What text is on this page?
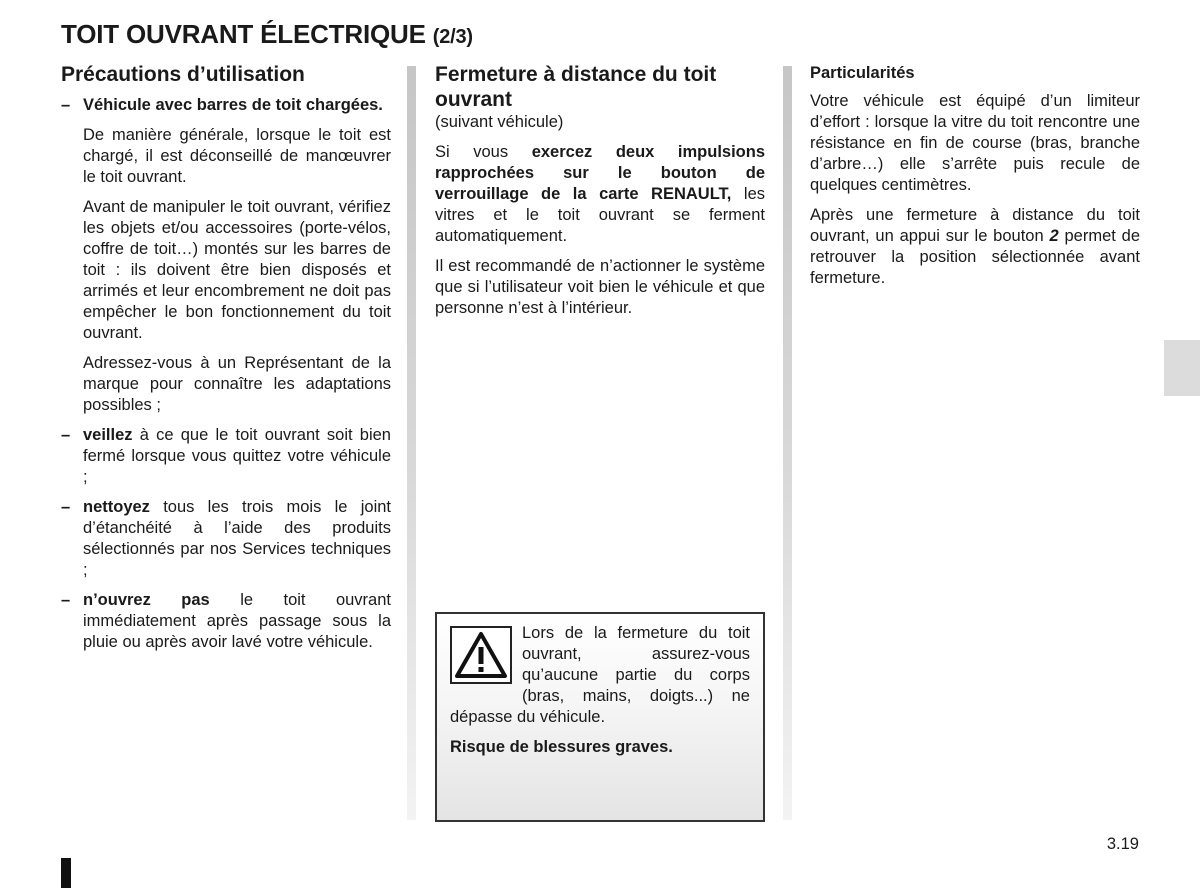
TOIT OUVRANT ÉLECTRIQUE (2/3)
Précautions d’utilisation
– Véhicule avec barres de toit chargées.
De manière générale, lorsque le toit est chargé, il est déconseillé de manœuvrer le toit ouvrant.
Avant de manipuler le toit ouvrant, vérifiez les objets et/ou accessoires (porte-vélos, coffre de toit…) montés sur les barres de toit : ils doivent être bien disposés et arrimés et leur encombrement ne doit pas empêcher le bon fonctionnement du toit ouvrant.
Adressez-vous à un Représentant de la marque pour connaître les adaptations possibles ;
– veillez à ce que le toit ouvrant soit bien fermé lorsque vous quittez votre véhicule ;
– nettoyez tous les trois mois le joint d’étanchéité à l’aide des produits sélectionnés par nos Services techniques ;
– n’ouvrez pas le toit ouvrant immédiatement après passage sous la pluie ou après avoir lavé votre véhicule.
Fermeture à distance du toit ouvrant
(suivant véhicule)
Si vous exercez deux impulsions rapprochées sur le bouton de verrouillage de la carte RENAULT, les vitres et le toit ouvrant se ferment automatiquement.
Il est recommandé de n’actionner le système que si l’utilisateur voit bien le véhicule et que personne n’est à l’intérieur.
Lors de la fermeture du toit ouvrant, assurez-vous qu’aucune partie du corps (bras, mains, doigts...) ne dépasse du véhicule.
Risque de blessures graves.
Particularités
Votre véhicule est équipé d’un limiteur d’effort : lorsque la vitre du toit rencontre une résistance en fin de course (bras, branche d’arbre…) elle s’arrête puis recule de quelques centimètres.
Après une fermeture à distance du toit ouvrant, un appui sur le bouton 2 permet de retrouver la position sélectionnée avant fermeture.
3.19
